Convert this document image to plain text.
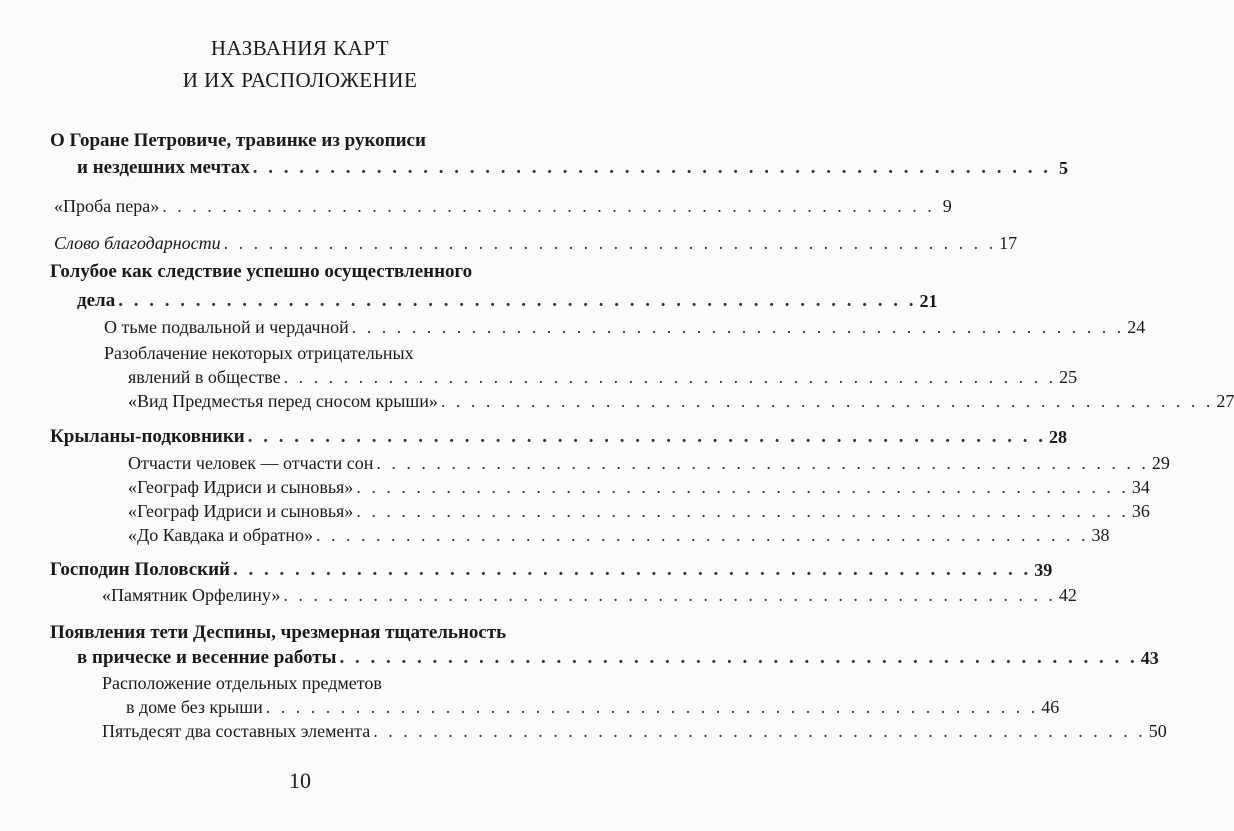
НАЗВАНИЯ КАРТ
И ИХ РАСПОЛОЖЕНИЕ
О Горане Петровиче, травинке из рукописи
и нездешних мечтах . . . . . . . . . . . . . . . . . . . . . . . . . . . . . . . . . . . . . . . . . . . . . . . . . . . . 5
«Проба пера» . . . . . . . . . . . . . . . . . . . . . . . . . . . . . . . . . . . . . . . . . . . . . . . . . . . . 9
Слово благодарности . . . . . . . . . . . . . . . . . . . . . . . . . . . . . . . . . . . . . . . . . . . . . . . . . . . . 17
Голубое как следствие успешно осуществленного
дела . . . . . . . . . . . . . . . . . . . . . . . . . . . . . . . . . . . . . . . . . . . . . . . . . . . . 21
О тьме подвальной и чердачной . . . . . . . . . . . . . . . . . . . . . . . . . . . . . . . . . . . . . . . . . . . . . . . . . . . . 24
Разоблачение некоторых отрицательных
явлений в обществе . . . . . . . . . . . . . . . . . . . . . . . . . . . . . . . . . . . . . . . . . . . . . . . . . . . . 25
«Вид Предместья перед сносом крыши» . . . . . . . . . . . . . . . . . . . . . . . . . . . . . . . . . . . . . . . . . . . . . . . . . . . . 27
Крыланы-подковники . . . . . . . . . . . . . . . . . . . . . . . . . . . . . . . . . . . . . . . . . . . . . . . . . . . . 28
Отчасти человек — отчасти сон . . . . . . . . . . . . . . . . . . . . . . . . . . . . . . . . . . . . . . . . . . . . . . . . . . . . 29
«Географ Идриси и сыновья» . . . . . . . . . . . . . . . . . . . . . . . . . . . . . . . . . . . . . . . . . . . . . . . . . . . . 34
«Географ Идриси и сыновья» . . . . . . . . . . . . . . . . . . . . . . . . . . . . . . . . . . . . . . . . . . . . . . . . . . . . 36
«До Кавдака и обратно» . . . . . . . . . . . . . . . . . . . . . . . . . . . . . . . . . . . . . . . . . . . . . . . . . . . . 38
Господин Половский . . . . . . . . . . . . . . . . . . . . . . . . . . . . . . . . . . . . . . . . . . . . . . . . . . . . 39
«Памятник Орфелину» . . . . . . . . . . . . . . . . . . . . . . . . . . . . . . . . . . . . . . . . . . . . . . . . . . . . 42
Появления тети Деспины, чрезмерная тщательность
в прическе и весенние работы . . . . . . . . . . . . . . . . . . . . . . . . . . . . . . . . . . . . . . . . . . . . . . . . . . . . 43
Расположение отдельных предметов
в доме без крыши . . . . . . . . . . . . . . . . . . . . . . . . . . . . . . . . . . . . . . . . . . . . . . . . . . . . 46
Пятьдесят два составных элемента . . . . . . . . . . . . . . . . . . . . . . . . . . . . . . . . . . . . . . . . . . . . . . . . . . . . 50
10
